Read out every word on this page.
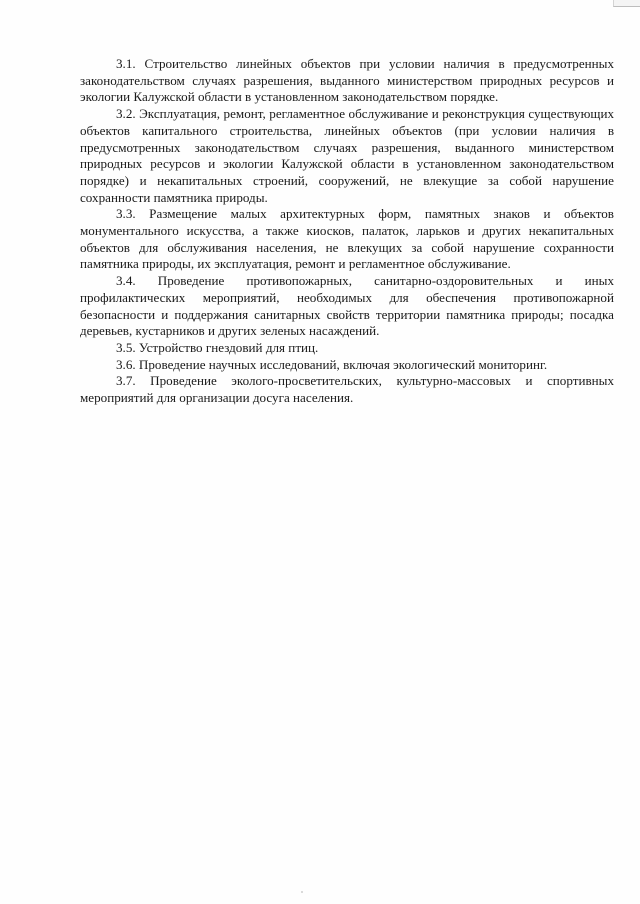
3.1. Строительство линейных объектов при условии наличия в предусмотренных законодательством случаях разрешения, выданного министерством природных ресурсов и экологии Калужской области в установленном законодательством порядке.

3.2. Эксплуатация, ремонт, регламентное обслуживание и реконструкция существующих объектов капитального строительства, линейных объектов (при условии наличия в предусмотренных законодательством случаях разрешения, выданного министерством природных ресурсов и экологии Калужской области в установленном законодательством порядке) и некапитальных строений, сооружений, не влекущие за собой нарушение сохранности памятника природы.

3.3. Размещение малых архитектурных форм, памятных знаков и объектов монументального искусства, а также киосков, палаток, ларьков и других некапитальных объектов для обслуживания населения, не влекущих за собой нарушение сохранности памятника природы, их эксплуатация, ремонт и регламентное обслуживание.

3.4. Проведение противопожарных, санитарно-оздоровительных и иных профилактических мероприятий, необходимых для обеспечения противопожарной безопасности и поддержания санитарных свойств территории памятника природы; посадка деревьев, кустарников и других зеленых насаждений.

3.5. Устройство гнездовий для птиц.

3.6. Проведение научных исследований, включая экологический мониторинг.

3.7. Проведение эколого-просветительских, культурно-массовых и спортивных мероприятий для организации досуга населения.
